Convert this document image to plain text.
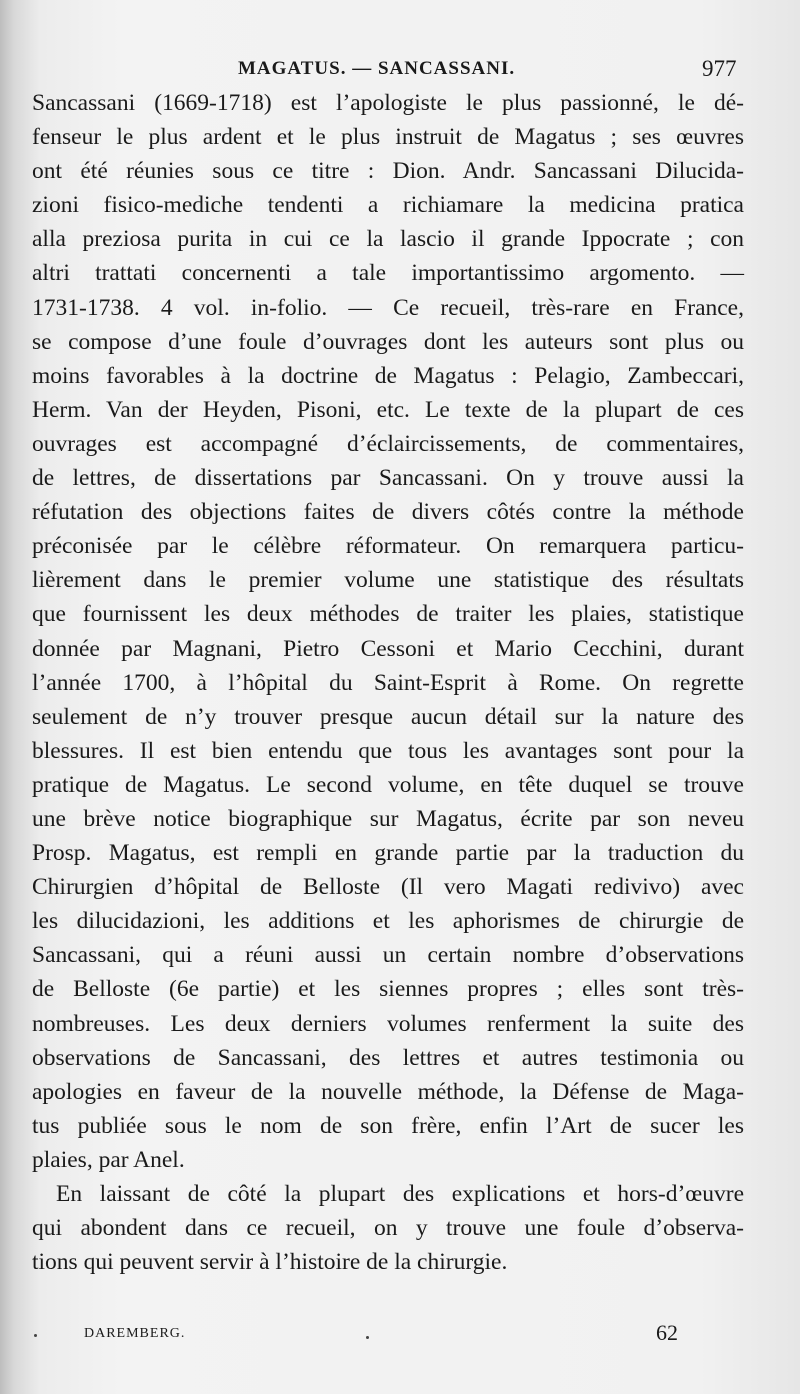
MAGATUS. — SANCASSANI.	977
Sancassani (1669-1718) est l’apologiste le plus passionné, le dé-
fenseur le plus ardent et le plus instruit de Magatus ; ses œuvres
ont été réunies sous ce titre : Dion. Andr. Sancassani Dilucida-
zioni fisico-mediche tendenti a richiamare la medicina pratica
alla preziosa purita in cui ce la lascio il grande Ippocrate ; con
altri trattati concernenti a tale importantissimo argomento. —
1731-1738. 4 vol. in-folio. — Ce recueil, très-rare en France,
se compose d’une foule d’ouvrages dont les auteurs sont plus ou
moins favorables à la doctrine de Magatus : Pelagio, Zambeccari,
Herm. Van der Heyden, Pisoni, etc. Le texte de la plupart de ces
ouvrages est accompagné d’éclaircissements, de commentaires,
de lettres, de dissertations par Sancassani. On y trouve aussi la
réfutation des objections faites de divers côtés contre la méthode
préconisée par le célèbre réformateur. On remarquera particu-
lièrement dans le premier volume une statistique des résultats
que fournissent les deux méthodes de traiter les plaies, statistique
donnée par Magnani, Pietro Cessoni et Mario Cecchini, durant
l’année 1700, à l’hôpital du Saint-Esprit à Rome. On regrette
seulement de n’y trouver presque aucun détail sur la nature des
blessures. Il est bien entendu que tous les avantages sont pour la
pratique de Magatus. Le second volume, en tête duquel se trouve
une brève notice biographique sur Magatus, écrite par son neveu
Prosp. Magatus, est rempli en grande partie par la traduction du
Chirurgien d’hôpital de Belloste (Il vero Magati redivivo) avec
les dilucidazioni, les additions et les aphorismes de chirurgie de
Sancassani, qui a réuni aussi un certain nombre d’observations
de Belloste (6e partie) et les siennes propres ; elles sont très-
nombreuses. Les deux derniers volumes renferment la suite des
observations de Sancassani, des lettres et autres testimonia ou
apologies en faveur de la nouvelle méthode, la Défense de Maga-
tus publiée sous le nom de son frère, enfin l’Art de sucer les
plaies, par Anel.
En laissant de côté la plupart des explications et hors-d’œuvre
qui abondent dans ce recueil, on y trouve une foule d’observa-
tions qui peuvent servir à l’histoire de la chirurgie.
DAREMBERG.	62
